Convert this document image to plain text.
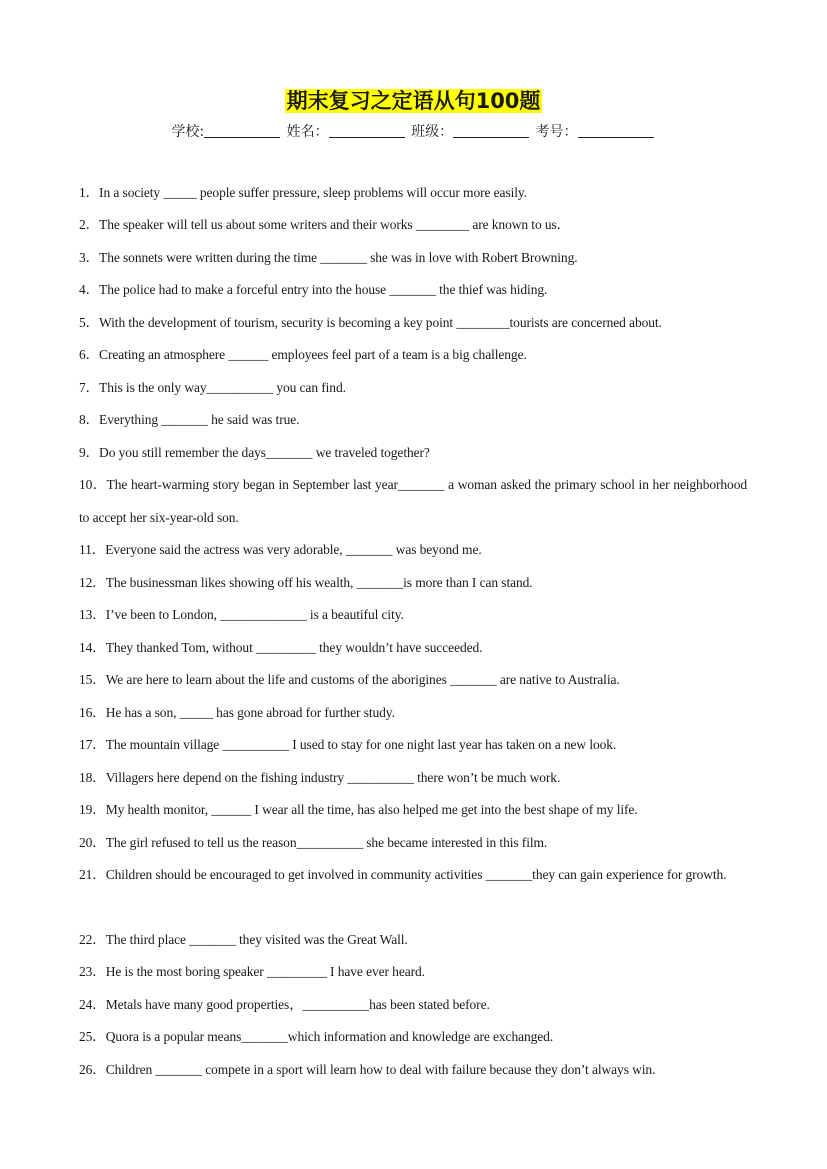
期末复习之定语从句100题
学校:	姓名：	班级：	考号：
1．In a society _____ people suffer pressure, sleep problems will occur more easily.
2．The speaker will tell us about some writers and their works ________ are known to us．
3．The sonnets were written during the time _______ she was in love with Robert Browning.
4．The police had to make a forceful entry into the house _______ the thief was hiding.
5．With the development of tourism, security is becoming a key point ________tourists are concerned about.
6．Creating an atmosphere ______ employees feel part of a team is a big challenge.
7．This is the only way__________ you can find.
8．Everything _______ he said was true.
9．Do you still remember the days_______ we traveled together?
10．The heart-warming story began in September last year_______ a woman asked the primary school in her neighborhood to accept her six-year-old son.
11．Everyone said the actress was very adorable, _______ was beyond me.
12．The businessman likes showing off his wealth, _______is more than I can stand.
13．I’ve been to London, _____________ is a beautiful city.
14．They thanked Tom, without _________ they wouldn’t have succeeded.
15．We are here to learn about the life and customs of the aborigines _______ are native to Australia.
16．He has a son, _____ has gone abroad for further study.
17．The mountain village __________ I used to stay for one night last year has taken on a new look.
18．Villagers here depend on the fishing industry __________ there won’t be much work.
19．My health monitor, ______ I wear all the time, has also helped me get into the best shape of my life.
20．The girl refused to tell us the reason__________ she became interested in this film.
21．Children should be encouraged to get involved in community activities _______they can gain experience for growth.
22．The third place _______ they visited was the Great Wall.
23．He is the most boring speaker _________ I have ever heard.
24．Metals have many good properties，__________has been stated before.
25．Quora is a popular means_______which information and knowledge are exchanged.
26．Children _______ compete in a sport will learn how to deal with failure because they don’t always win.
